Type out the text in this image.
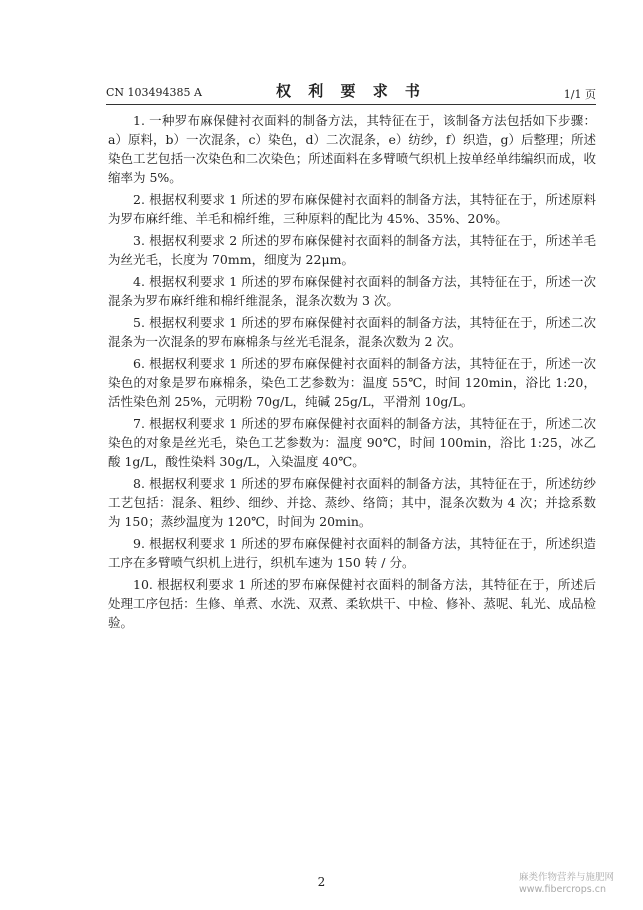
CN 103494385 A	权 利 要 求 书	1/1 页

1. 一种罗布麻保健衬衣面料的制备方法，其特征在于，该制备方法包括如下步骤：a）原料，b）一次混条，c）染色，d）二次混条，e）纺纱，f）织造，g）后整理；所述染色工艺包括一次染色和二次染色；所述面料在多臂喷气织机上按单经单纬编织而成，收缩率为 5%。

2. 根据权利要求 1 所述的罗布麻保健衬衣面料的制备方法，其特征在于，所述原料为罗布麻纤维、羊毛和棉纤维，三种原料的配比为 45%、35%、20%。

3. 根据权利要求 2 所述的罗布麻保健衬衣面料的制备方法，其特征在于，所述羊毛为丝光毛，长度为 70mm，细度为 22μm。

4. 根据权利要求 1 所述的罗布麻保健衬衣面料的制备方法，其特征在于，所述一次混条为罗布麻纤维和棉纤维混条，混条次数为 3 次。

5. 根据权利要求 1 所述的罗布麻保健衬衣面料的制备方法，其特征在于，所述二次混条为一次混条的罗布麻棉条与丝光毛混条，混条次数为 2 次。

6. 根据权利要求 1 所述的罗布麻保健衬衣面料的制备方法，其特征在于，所述一次染色的对象是罗布麻棉条，染色工艺参数为：温度 55℃，时间 120min，浴比 1:20，活性染色剂 25%，元明粉 70g/L，纯碱 25g/L，平滑剂 10g/L。

7. 根据权利要求 1 所述的罗布麻保健衬衣面料的制备方法，其特征在于，所述二次染色的对象是丝光毛，染色工艺参数为：温度 90℃，时间 100min，浴比 1:25，冰乙酸 1g/L，酸性染料 30g/L，入染温度 40℃。

8. 根据权利要求 1 所述的罗布麻保健衬衣面料的制备方法，其特征在于，所述纺纱工艺包括：混条、粗纱、细纱、并捻、蒸纱、络筒；其中，混条次数为 4 次；并捻系数为 150；蒸纱温度为 120℃，时间为 20min。

9. 根据权利要求 1 所述的罗布麻保健衬衣面料的制备方法，其特征在于，所述织造工序在多臂喷气织机上进行，织机车速为 150 转 / 分。

10. 根据权利要求 1 所述的罗布麻保健衬衣面料的制备方法，其特征在于，所述后处理工序包括：生修、单煮、水洗、双煮、柔软烘干、中检、修补、蒸呢、轧光、成品检验。

2	麻类作物营养与施肥网
www.fibercrops.cn
